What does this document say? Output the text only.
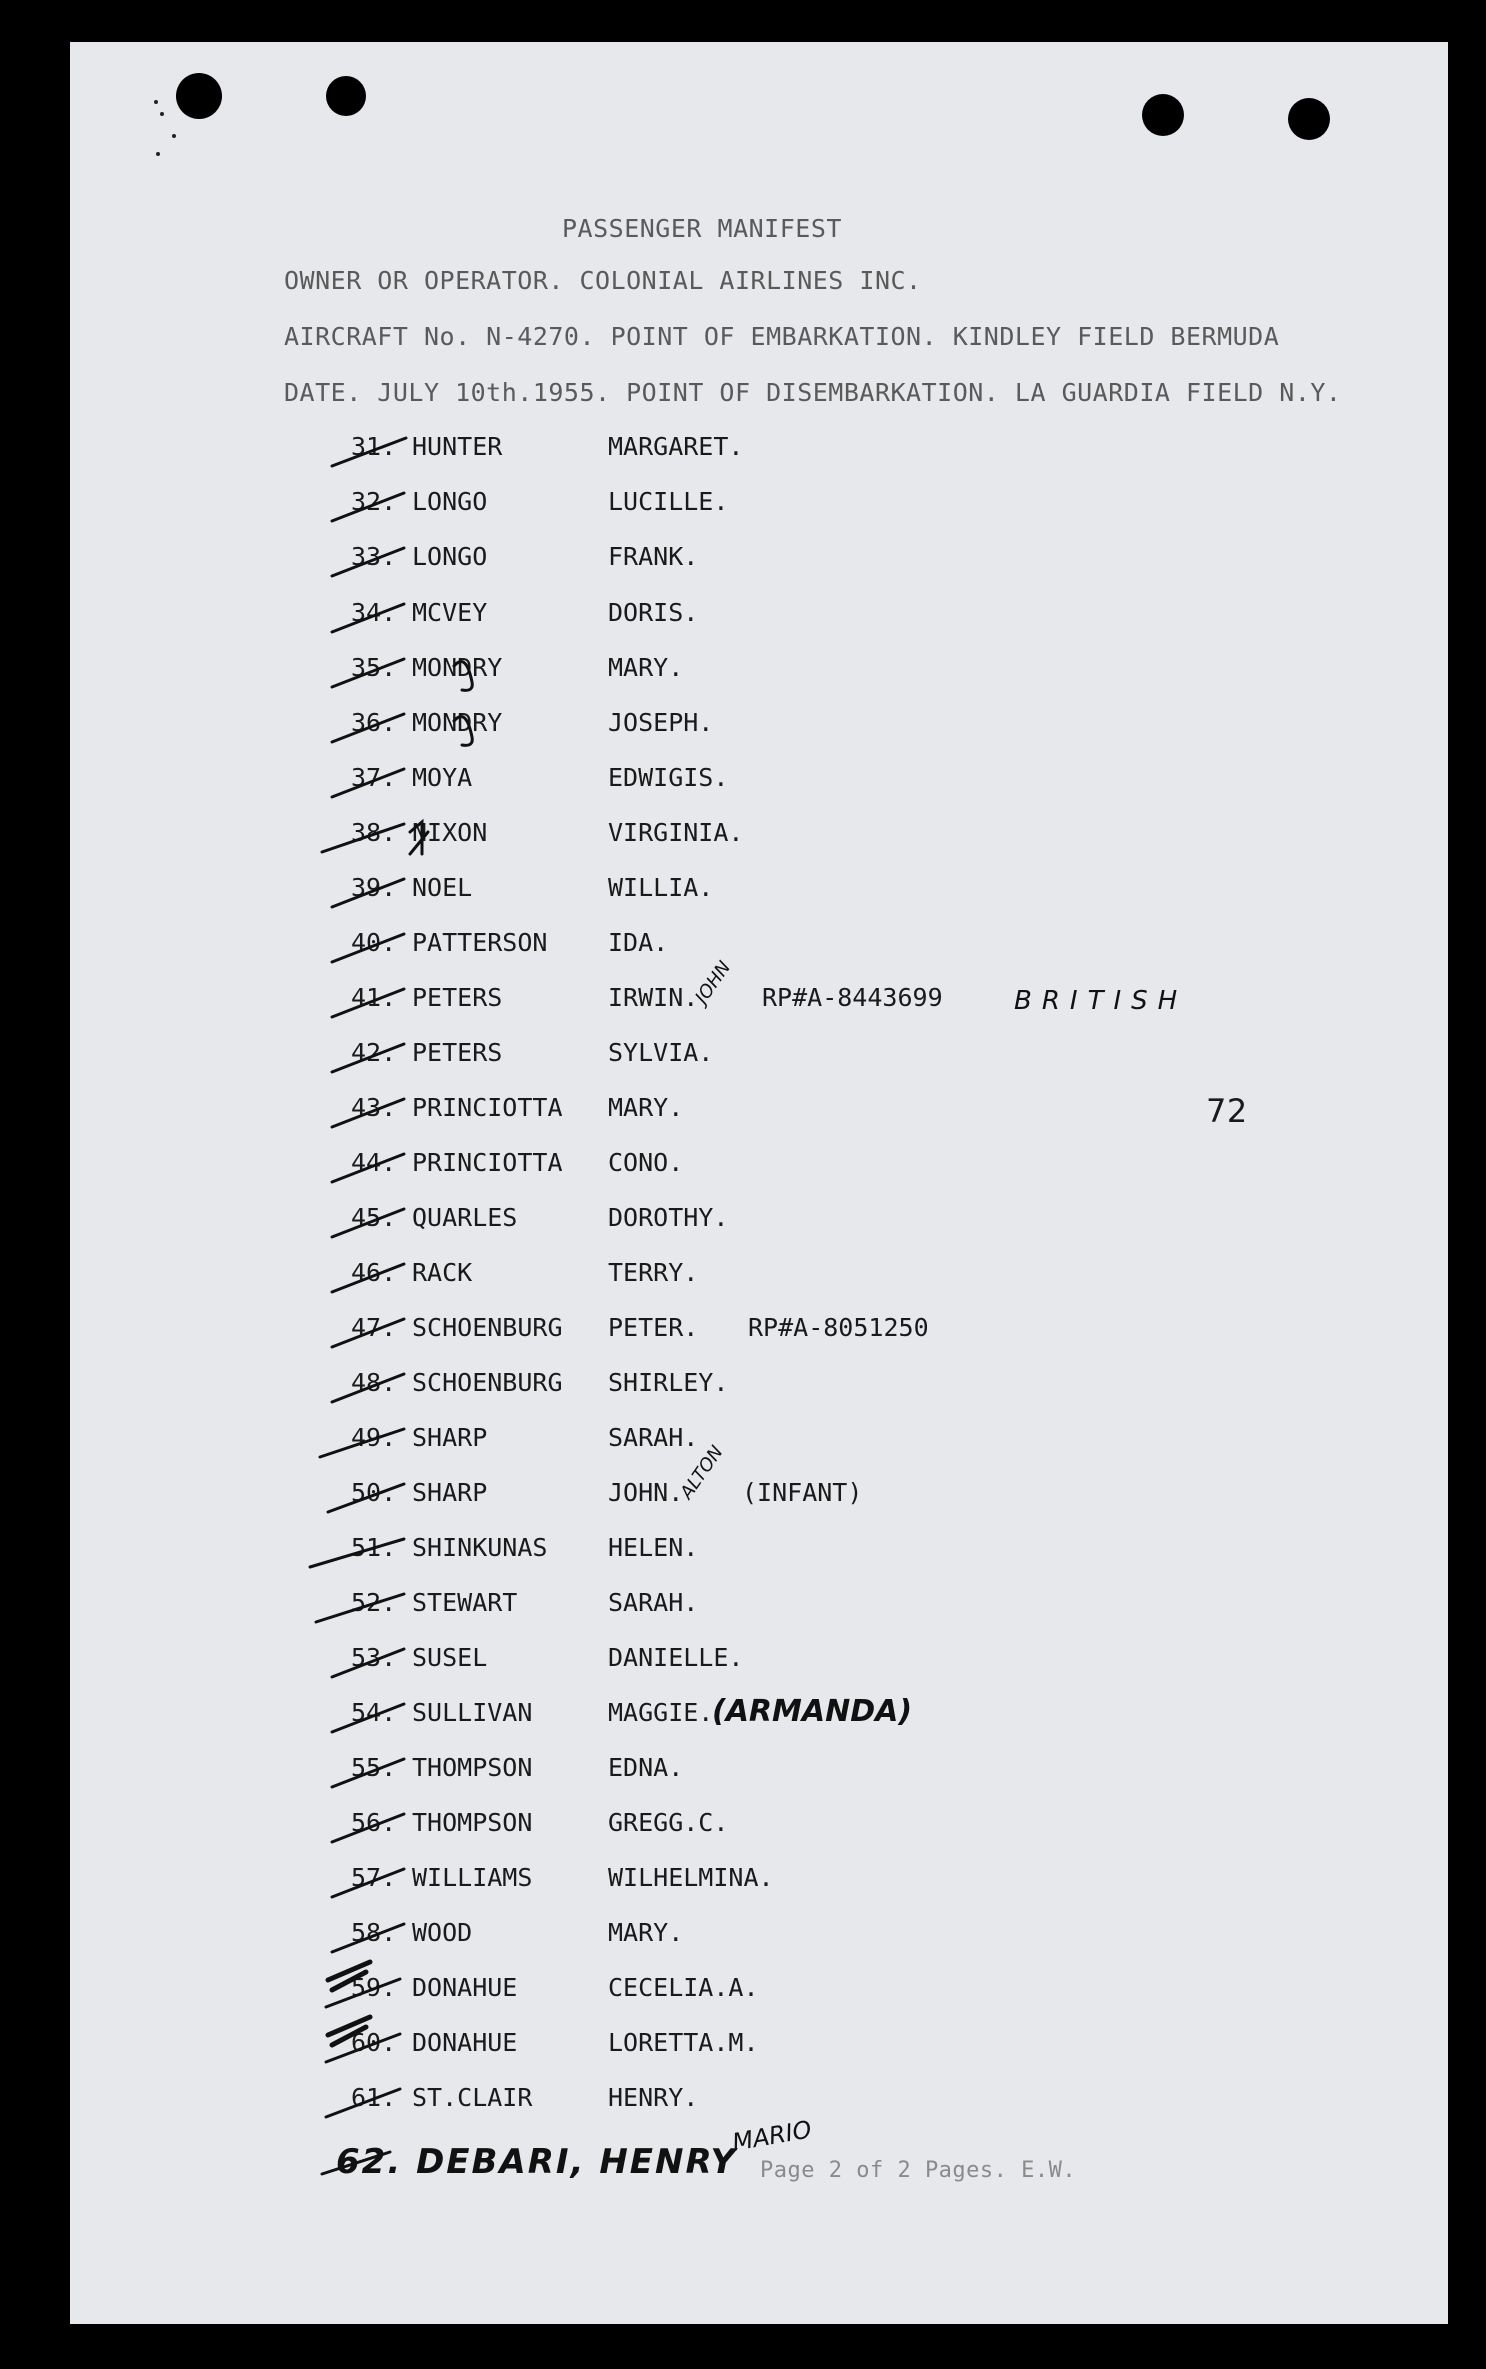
PASSENGER MANIFEST
OWNER OR OPERATOR. COLONIAL AIRLINES INC.
AIRCRAFT No. N-4270. POINT OF EMBARKATION. KINDLEY FIELD BERMUDA
DATE. JULY 10th.1955. POINT OF DISEMBARKATION. LA GUARDIA FIELD N.Y.
72
31. HUNTER	MARGARET.
32. LONGO	LUCILLE.
33. LONGO	FRANK.
34. MCVEY	DORIS.
35. MONDRY	MARY.
36. MONDRY	JOSEPH.
37. MOYA	EDWIGIS.
38. NIXON	VIRGINIA.
39. NOEL	WILLIA.
40. PATTERSON IDA.
41. PETERS	IRWIN.	RP#A-8443699
42. PETERS	SYLVIA.
43. PRINCIOTTA MARY.
44. PRINCIOTTA CONO.
45. QUARLES	DOROTHY.
46. RACK	TERRY.
47. SCHOENBURG PETER. RP#A-8051250
48. SCHOENBURG SHIRLEY.
49. SHARP	SARAH.
50. SHARP	JOHN. (INFANT)
51. SHINKUNAS HELEN.
52. STEWART	SARAH.
53. SUSEL	DANIELLE.
54. SULLIVAN	MAGGIE.
55. THOMPSON	EDNA.
56. THOMPSON	GREGG.C.
57. WILLIAMS	WILHELMINA.
58. WOOD	MARY.
59. DONAHUE	CECELIA.A.
60. DONAHUE	LORETTA.M.
61. ST.CLAIR	HENRY.
JOHN	BRITISH
ALTON
(ARMANDA)
62. DEBARI, HENRY
MARIO
Page 2 of 2 Pages. E.W.
